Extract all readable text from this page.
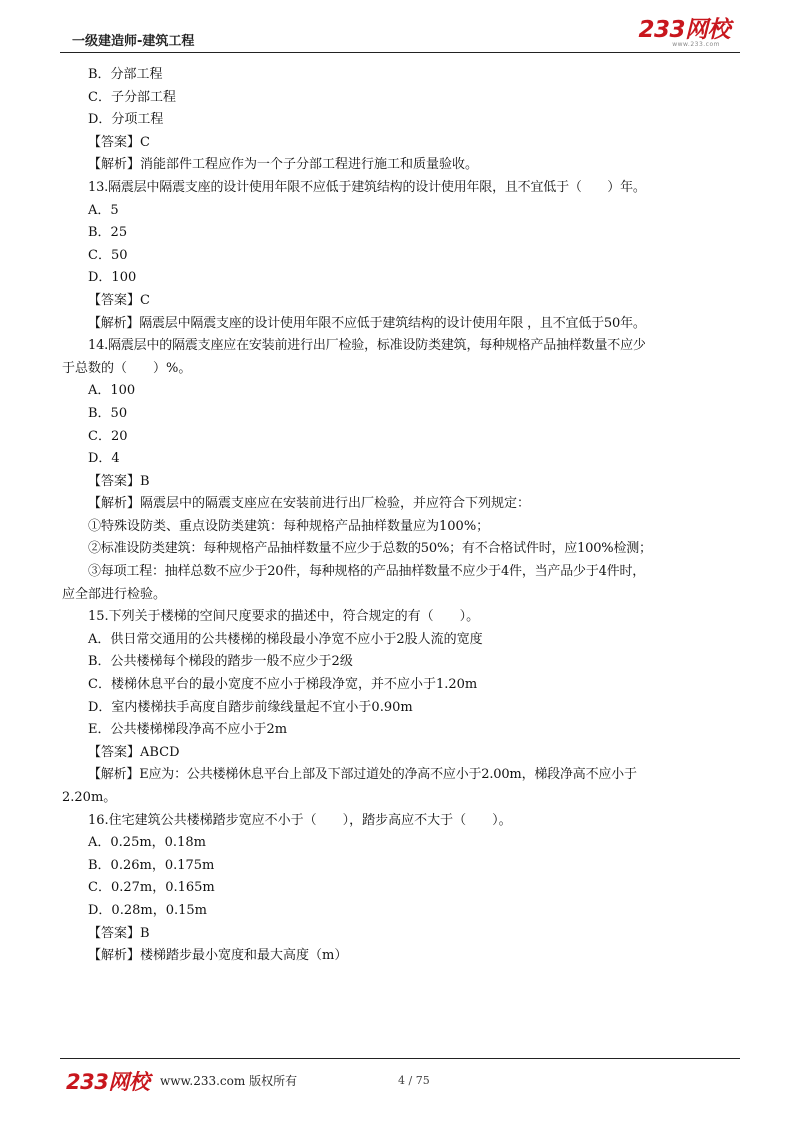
一级建造师-建筑工程	233网校
www.233.com
B．分部工程
C．子分部工程
D．分项工程
【答案】C
【解析】消能部件工程应作为一个子分部工程进行施工和质量验收。
13.隔震层中隔震支座的设计使用年限不应低于建筑结构的设计使用年限，且不宜低于（　　）年。
A．5
B．25
C．50
D．100
【答案】C
【解析】隔震层中隔震支座的设计使用年限不应低于建筑结构的设计使用年限 ，且不宜低于50年。
14.隔震层中的隔震支座应在安装前进行出厂检验，标准设防类建筑，每种规格产品抽样数量不应少
于总数的（　　）%。
A．100
B．50
C．20
D．4
【答案】B
【解析】隔震层中的隔震支座应在安装前进行出厂检验，并应符合下列规定：
①特殊设防类、重点设防类建筑：每种规格产品抽样数量应为100%；
②标准设防类建筑：每种规格产品抽样数量不应少于总数的50%；有不合格试件时，应100%检测；
③每项工程：抽样总数不应少于20件，每种规格的产品抽样数量不应少于4件，当产品少于4件时，
应全部进行检验。
15.下列关于楼梯的空间尺度要求的描述中，符合规定的有（　　）。
A．供日常交通用的公共楼梯的梯段最小净宽不应小于2股人流的宽度
B．公共楼梯每个梯段的踏步一般不应少于2级
C．楼梯休息平台的最小宽度不应小于梯段净宽，并不应小于1.20m
D．室内楼梯扶手高度自踏步前缘线量起不宜小于0.90m
E．公共楼梯梯段净高不应小于2m
【答案】ABCD
【解析】E应为：公共楼梯休息平台上部及下部过道处的净高不应小于2.00m，梯段净高不应小于
2.20m。
16.住宅建筑公共楼梯踏步宽应不小于（　　），踏步高应不大于（　　）。
A．0.25m，0.18m
B．0.26m，0.175m
C．0.27m，0.165m
D．0.28m，0.15m
【答案】B
【解析】楼梯踏步最小宽度和最大高度（m）
233网校 www.233.com 版权所有	4 / 75
